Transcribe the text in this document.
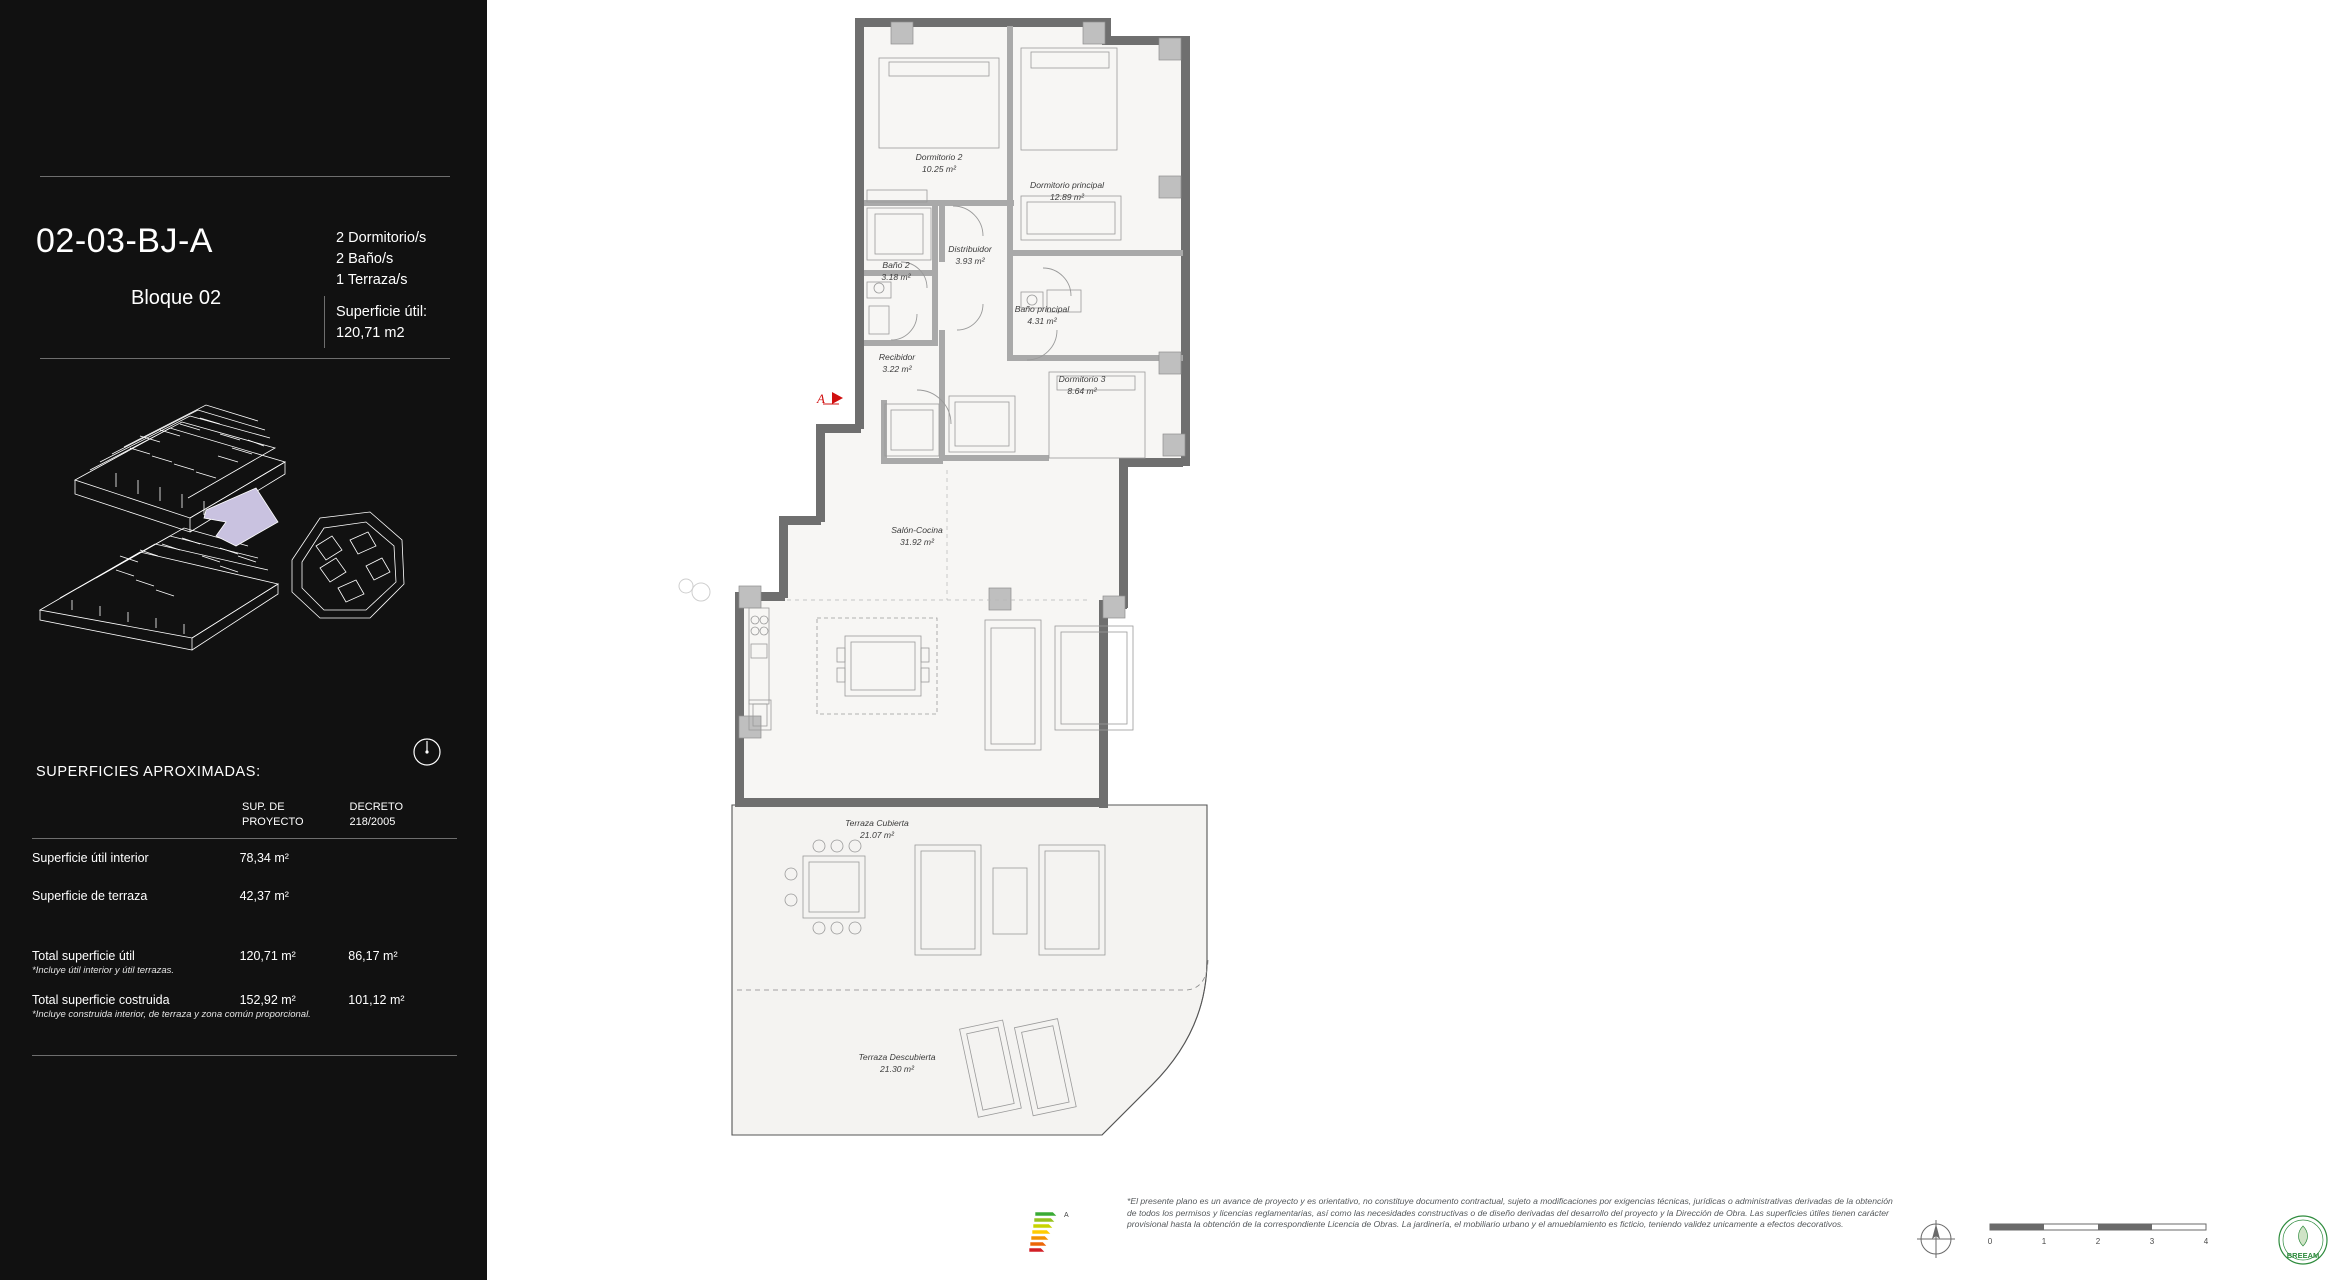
02-03-BJ-A
Bloque 02
2 Dormitorio/s
2 Baño/s
1 Terraza/s
Superficie útil:
120,71 m2
SUPERFICIES APROXIMADAS:
SUP. DE
PROYECTO
DECRETO
218/2005
Superficie útil interior	78,34 m²
Superficie de terraza	42,37 m²
Total superficie útil	120,71 m²	86,17 m²
*Incluye útil interior y útil terrazas.
Total superficie costruida	152,92 m²	101,12 m²
*Incluye construida interior, de terraza y zona común proporcional.
A
Dormitorio 2
10.25 m²
Dormitorio principal
12.89 m²
Distribuidor
3.93 m²
Baño 2
3.18 m²
Baño principal
4.31 m²
Recibidor
3.22 m²
Dormitorio 3
8.64 m²
Salón-Cocina
31.92 m²
Terraza Cubierta
21.07 m²
Terraza Descubierta
21.30 m²
*El presente plano es un avance de proyecto y es orientativo, no constituye documento contractual, sujeto a modificaciones por exigencias técnicas, jurídicas o administrativas derivadas de la obtención de todos los permisos y licencias reglamentarias, así como las necesidades constructivas o de diseño derivadas del desarrollo del proyecto y la Dirección de Obra. Las superficies útiles tienen carácter provisional hasta la obtención de la correspondiente Licencia de Obras. La jardinería, el mobiliario urbano y el amueblamiento es ficticio, teniendo validez unicamente a efectos decorativos.
A
0	1	2	3	4
BREEAM
